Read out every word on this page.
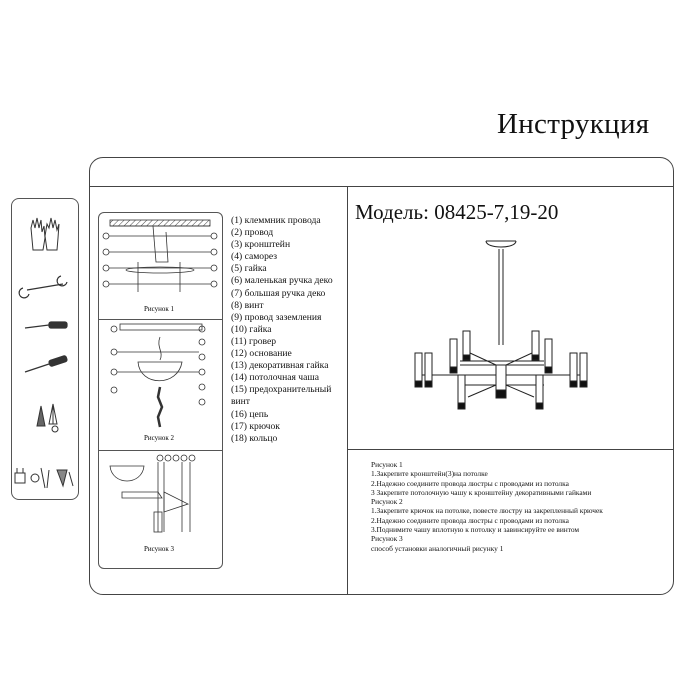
Инструкция
Рисунок 1
Рисунок 2
Рисунок 3
(1) клеммник провода
(2) провод
(3) кронштейн
(4) саморез
(5) гайка
(6) маленькая ручка деко
(7) большая ручка деко
(8) винт
(9) провод заземления
(10) гайка
(11) гровер
(12) основание
(13) декоративная гайка
(14) потолочная чаша
(15) предохранительный
винт
(16) цепь
(17) крючок
(18) кольцо
Модель: 08425-7,19-20
Рисунок 1
1.Закрепите кронштейн(3)на потолке
2.Надежно соедините провода люстры с проводами из потолка
3 Закрепите потолочную чашу к кронштейну декоративными гайками
Рисунок 2
1.Закрепите крючок на потолке, повесте люстру на закрепленный крючек
2.Надежно соедините провода люстры с проводами из потолка
3.Поднимите чашу вплотную к потолку и завинсируйте ее винтом
Рисунок 3
способ установки аналогичный рисунку 1
